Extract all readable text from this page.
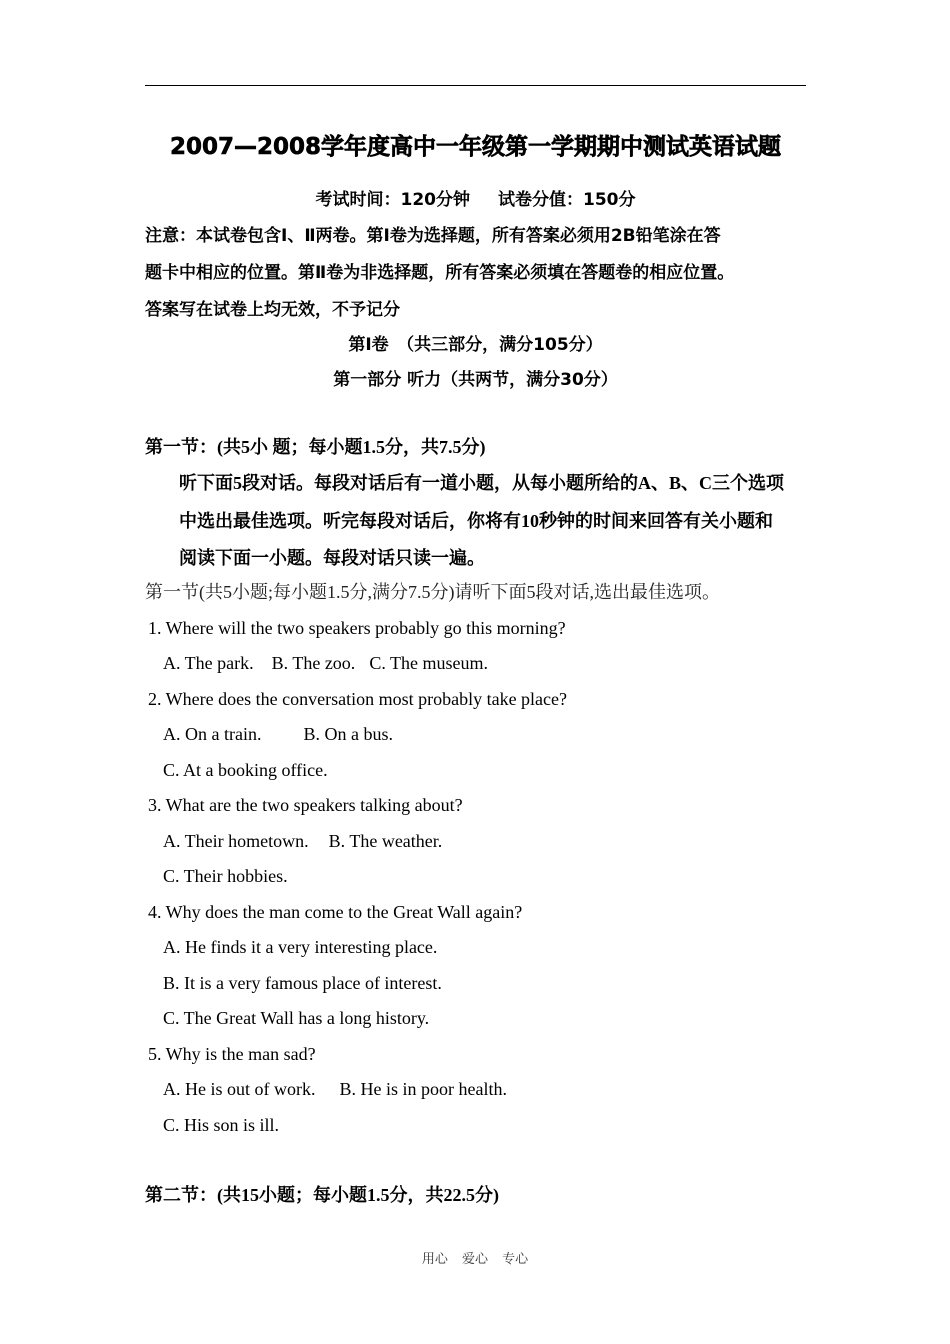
2007—2008学年度高中一年级第一学期期中测试英语试题
考试时间：120分钟 试卷分值：150分
注意：本试卷包含Ⅰ、Ⅱ两卷。第Ⅰ卷为选择题，所有答案必须用2B铅笔涂在答
题卡中相应的位置。第Ⅱ卷为非选择题，所有答案必须填在答题卷的相应位置。
答案写在试卷上均无效，不予记分
第Ⅰ卷　（共三部分，满分105分）
第一部分 听力（共两节，满分30分）
第一节：(共5小 题；每小题1.5分，共7.5分)
听下面5段对话。每段对话后有一道小题，从每小题所给的A、B、C三个选项
中选出最佳选项。听完每段对话后，你将有10秒钟的时间来回答有关小题和
阅读下面一小题。每段对话只读一遍。
第一节(共5小题;每小题1.5分,满分7.5分)请听下面5段对话,选出最佳选项。
1. Where will the two speakers probably go this morning?
A. The park. B. The zoo. C. The museum.
2. Where does the conversation most probably take place?
A. On a train. B. On a bus.
C. At a booking office.
3. What are the two speakers talking about?
A. Their hometown. B. The weather.
C. Their hobbies.
4. Why does the man come to the Great Wall again?
A. He finds it a very interesting place.
B. It is a very famous place of interest.
C. The Great Wall has a long history.
5. Why is the man sad?
A. He is out of work. B. He is in poor health.
C. His son is ill.
第二节：(共15小题；每小题1.5分，共22.5分)
用心 爱心 专心
